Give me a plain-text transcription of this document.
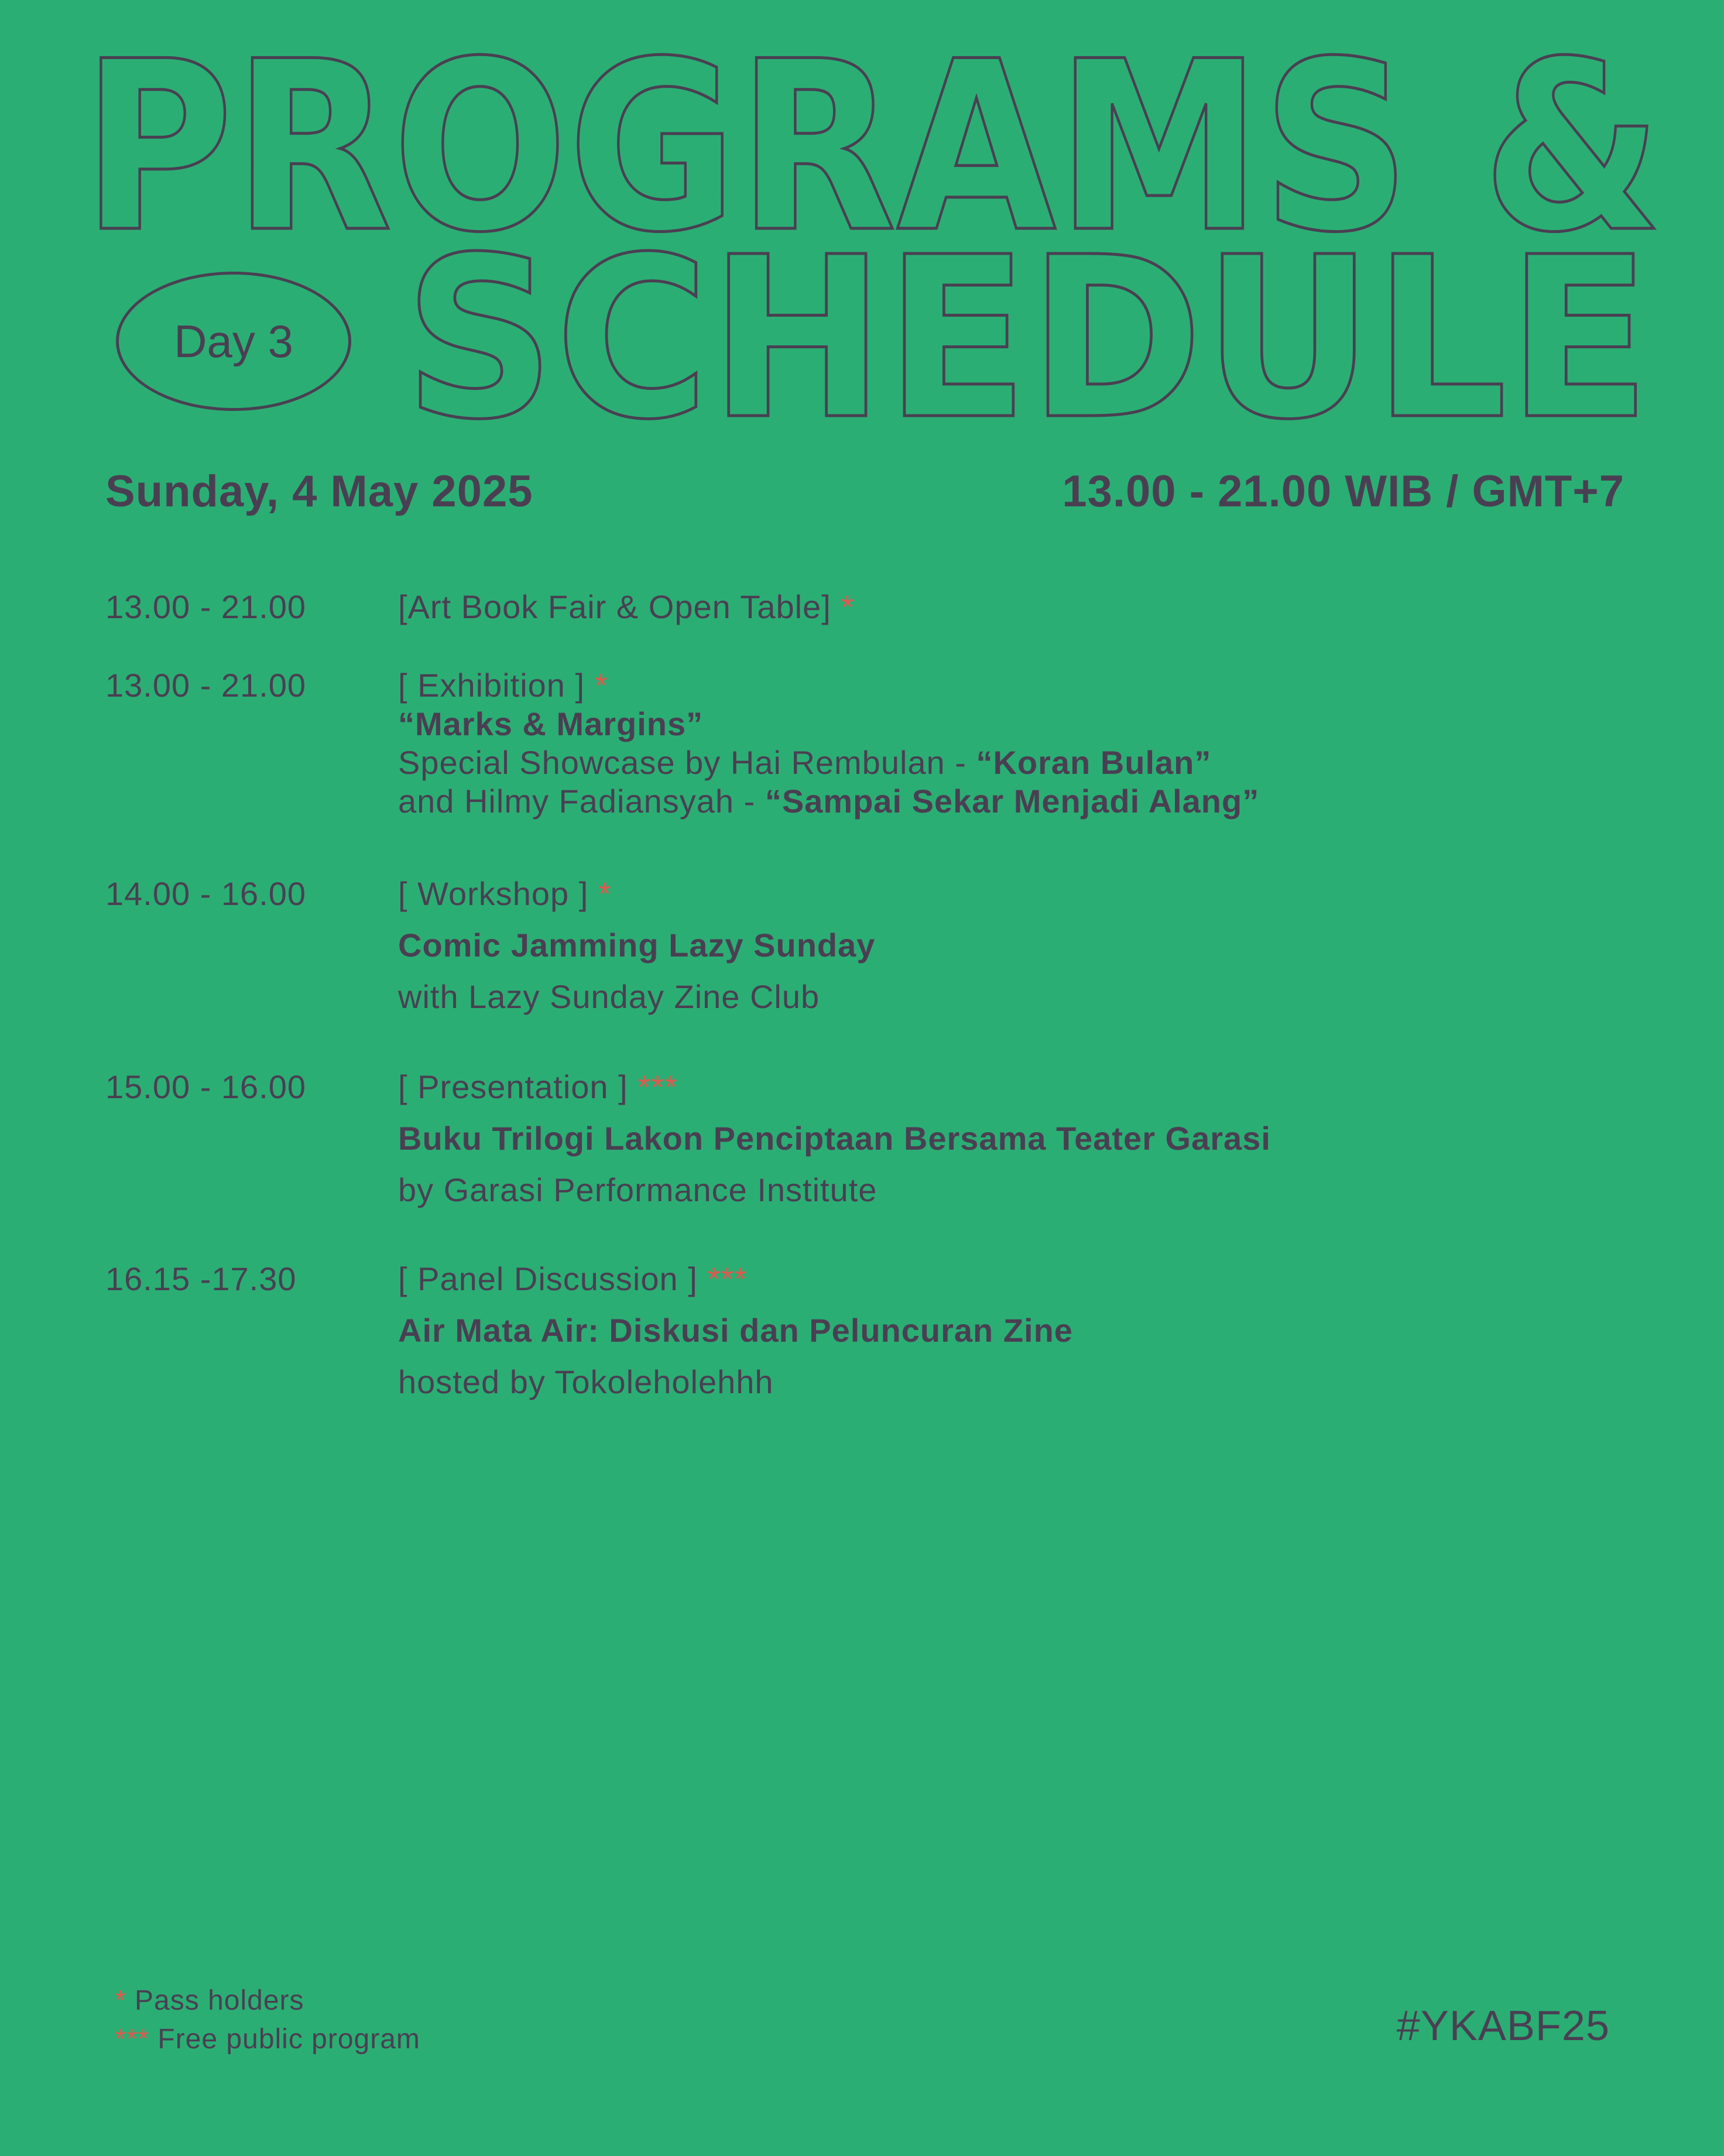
PROGRAMS &
SCHEDULE
Day 3
Sunday, 4 May 2025	13.00 - 21.00 WIB / GMT+7
13.00 - 21.00	[Art Book Fair & Open Table] *
13.00 - 21.00	[ Exhibition ] *
“Marks & Margins”
Special Showcase by Hai Rembulan - “Koran Bulan”
and Hilmy Fadiansyah - “Sampai Sekar Menjadi Alang”
14.00 - 16.00	[ Workshop ] *
Comic Jamming Lazy Sunday
with Lazy Sunday Zine Club
15.00 - 16.00	[ Presentation ] ***
Buku Trilogi Lakon Penciptaan Bersama Teater Garasi
by Garasi Performance Institute
16.15 -17.30	[ Panel Discussion ] ***
Air Mata Air: Diskusi dan Peluncuran Zine
hosted by Tokoleholehhh
* Pass holders
*** Free public program	#YKABF25
